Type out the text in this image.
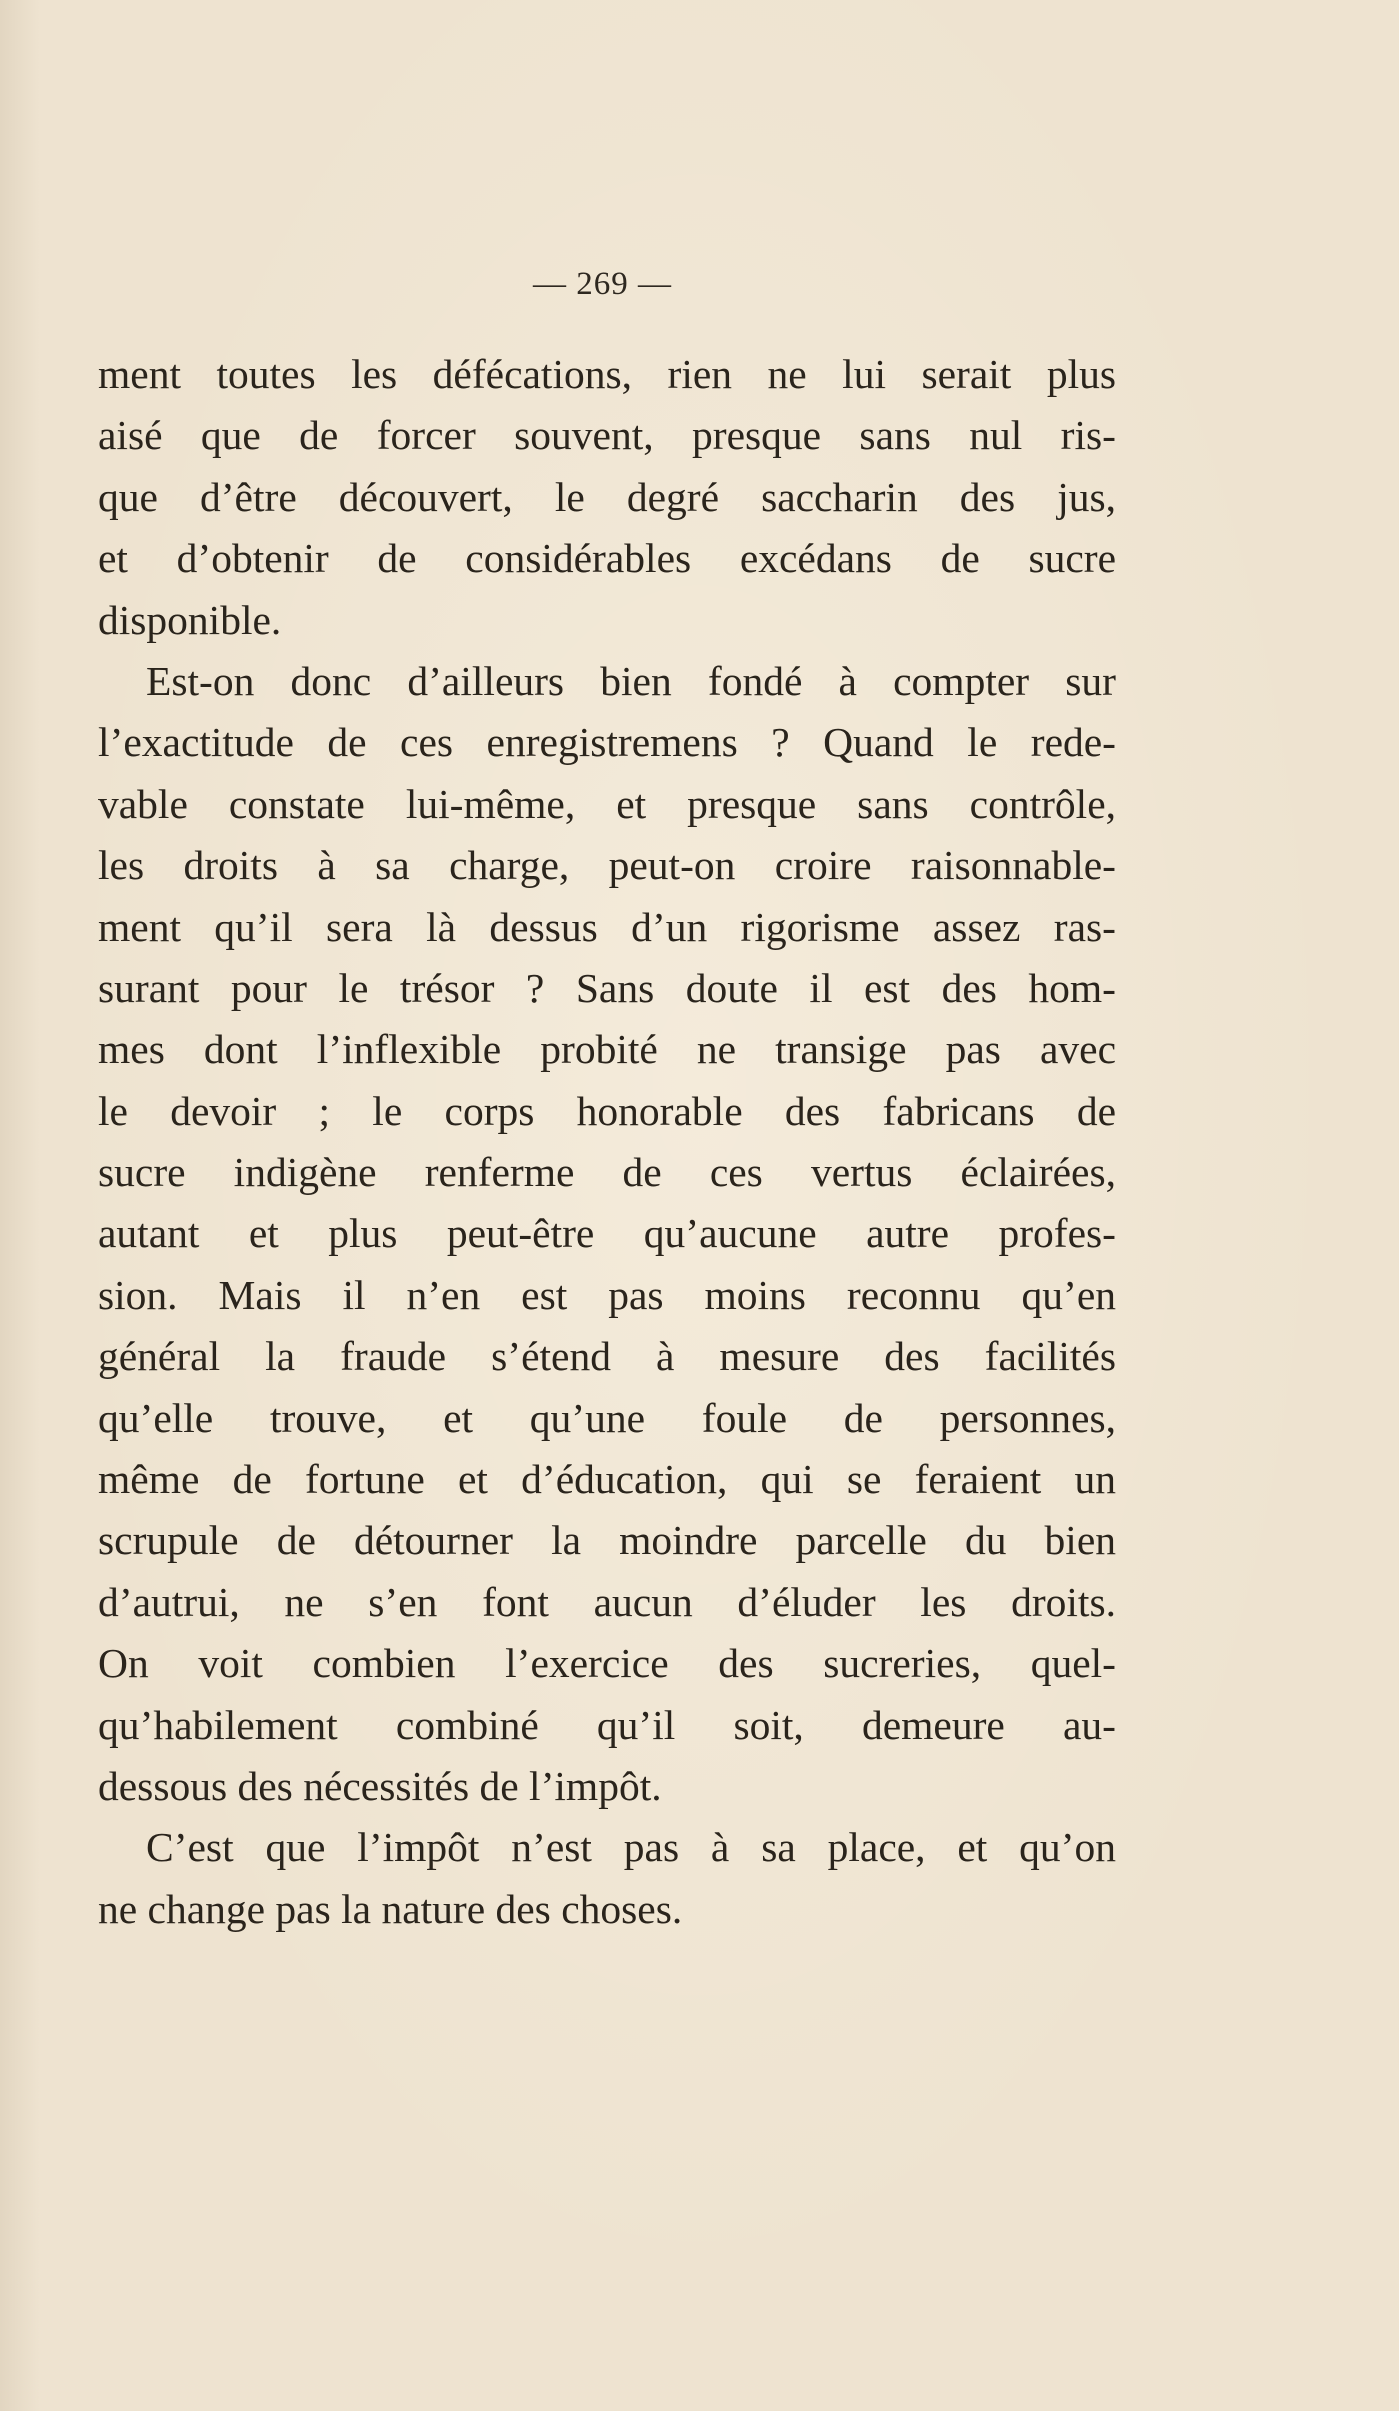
— 269 —
ment toutes les défécations, rien ne lui serait plus
aisé que de forcer souvent, presque sans nul ris-
que d’être découvert, le degré saccharin des jus,
et d’obtenir de considérables excédans de sucre
disponible.
Est-on donc d’ailleurs bien fondé à compter sur
l’exactitude de ces enregistremens ? Quand le rede-
vable constate lui-même, et presque sans contrôle,
les droits à sa charge, peut-on croire raisonnable-
ment qu’il sera là dessus d’un rigorisme assez ras-
surant pour le trésor ? Sans doute il est des hom-
mes dont l’inflexible probité ne transige pas avec
le devoir ; le corps honorable des fabricans de
sucre indigène renferme de ces vertus éclairées,
autant et plus peut-être qu’aucune autre profes-
sion. Mais il n’en est pas moins reconnu qu’en
général la fraude s’étend à mesure des facilités
qu’elle trouve, et qu’une foule de personnes,
même de fortune et d’éducation, qui se feraient un
scrupule de détourner la moindre parcelle du bien
d’autrui, ne s’en font aucun d’éluder les droits.
On voit combien l’exercice des sucreries, quel-
qu’habilement combiné qu’il soit, demeure au-
dessous des nécessités de l’impôt.
C’est que l’impôt n’est pas à sa place, et qu’on
ne change pas la nature des choses.
